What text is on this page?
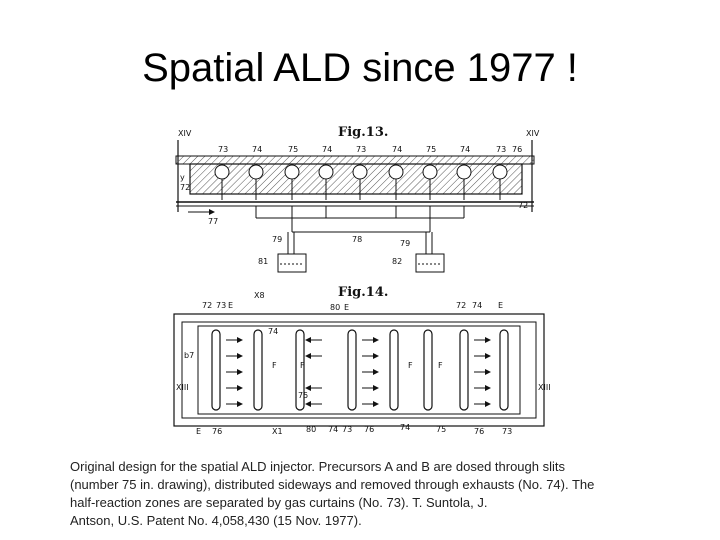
Spatial ALD since 1977 !
Fig.13.
XIV	XIV
73	74	75	74	73	74	75	74	73 76
y
72
77
72
79	78	79
81	82
Fig.14.
72 73 E
X8
80 E	72 74 E
74
F	F
75
F	F
b7
XIII	XIII
E 76	X1	80 74 73 76	74	75	76 73
Original design for the spatial ALD injector. Precursors A and B are dosed through slits
(number 75 in. drawing), distributed sideways and removed through exhausts (No. 74). The
half-reaction zones are separated by gas curtains (No. 73). T. Suntola, J.
Antson, U.S. Patent No. 4,058,430 (15 Nov. 1977).
